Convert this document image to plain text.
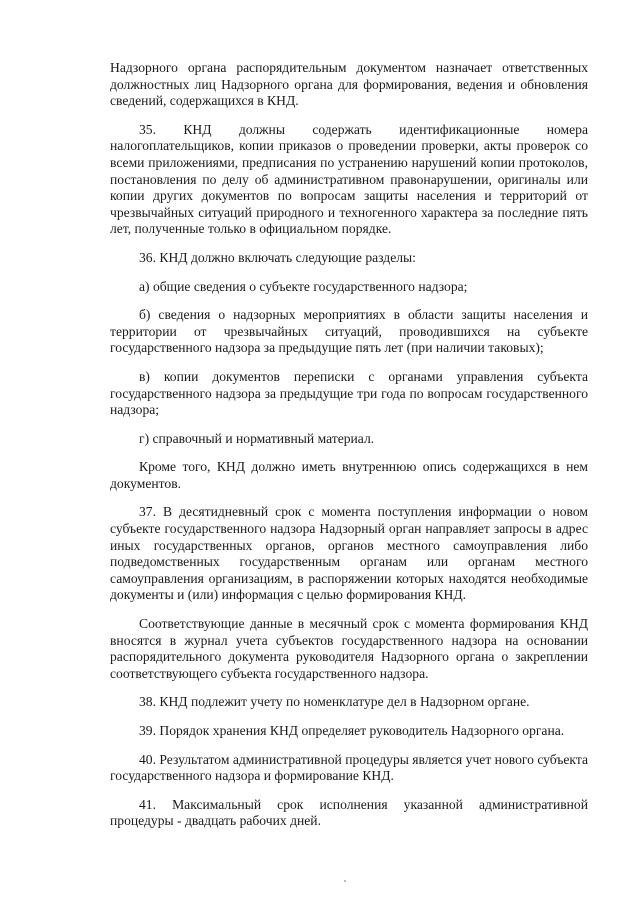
Надзорного органа распорядительным документом назначает ответственных должностных лиц Надзорного органа для формирования, ведения и обновления сведений, содержащихся в КНД.

35. КНД должны содержать идентификационные номера налогоплательщиков, копии приказов о проведении проверки, акты проверок со всеми приложениями, предписания по устранению нарушений копии протоколов, постановления по делу об административном правонарушении, оригиналы или копии других документов по вопросам защиты населения и территорий от чрезвычайных ситуаций природного и техногенного характера за последние пять лет, полученные только в официальном порядке.

36. КНД должно включать следующие разделы:

а) общие сведения о субъекте государственного надзора;

б) сведения о надзорных мероприятиях в области защиты населения и территории от чрезвычайных ситуаций, проводившихся на субъекте государственного надзора за предыдущие пять лет (при наличии таковых);

в) копии документов переписки с органами управления субъекта государственного надзора за предыдущие три года по вопросам государственного надзора;

г) справочный и нормативный материал.

Кроме того, КНД должно иметь внутреннюю опись содержащихся в нем документов.

37. В десятидневный срок с момента поступления информации о новом субъекте государственного надзора Надзорный орган направляет запросы в адрес иных государственных органов, органов местного самоуправления либо подведомственных государственным органам или органам местного самоуправления организациям, в распоряжении которых находятся необходимые документы и (или) информация с целью формирования КНД.

Соответствующие данные в месячный срок с момента формирования КНД вносятся в журнал учета субъектов государственного надзора на основании распорядительного документа руководителя Надзорного органа о закреплении соответствующего субъекта государственного надзора.

38. КНД подлежит учету по номенклатуре дел в Надзорном органе.

39. Порядок хранения КНД определяет руководитель Надзорного органа.

40. Результатом административной процедуры является учет нового субъекта государственного надзора и формирование КНД.

41. Максимальный срок исполнения указанной административной процедуры - двадцать рабочих дней.
